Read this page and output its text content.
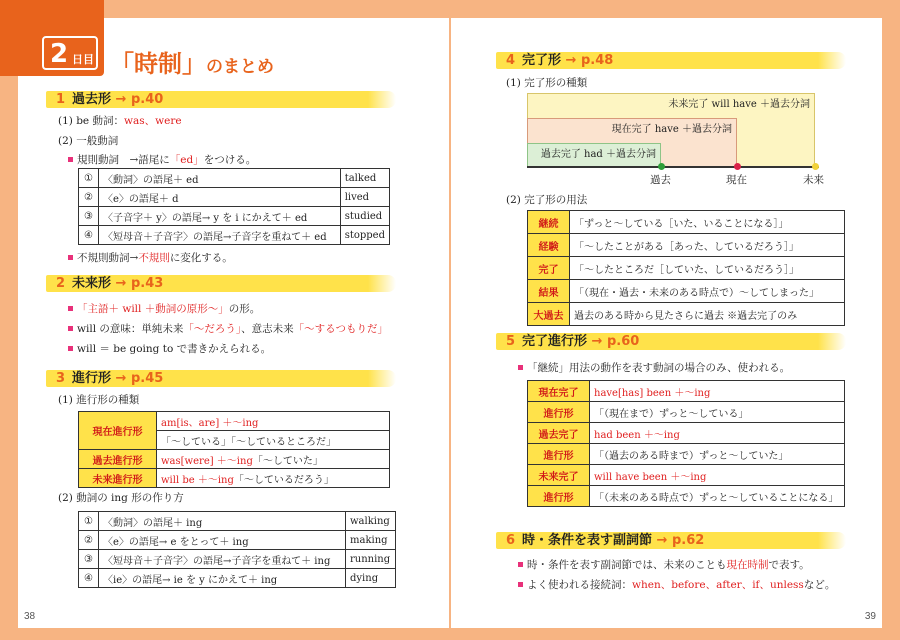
38	39
2 日目 「時制」のまとめ
1 過去形 → p.40
(1) be 動詞：was、were
(2) 一般動詞
規則動詞　→語尾に「ed」をつける。
①	〈動詞〉の語尾＋ ed	talked
②	〈e〉の語尾＋ d	lived
③	〈子音字＋ y〉の語尾→ y を i にかえて＋ ed	studied
④	〈短母音＋子音字〉の語尾→子音字を重ねて＋ ed	stopped
不規則動詞→不規則に変化する。
2 未来形 → p.43
「主語＋ will ＋動詞の原形〜」の形。
will の意味：単純未来「〜だろう」、意志未来「〜するつもりだ」
will ＝ be going to で書きかえられる。
3 進行形 → p.45
(1) 進行形の種類
現在進行形	am[is、are] ＋〜ing
	「〜している」「〜しているところだ」
過去進行形	was[were] ＋〜ing「〜していた」
未来進行形	will be ＋〜ing「〜しているだろう」
(2) 動詞の ing 形の作り方
①	〈動詞〉の語尾＋ ing	walking
②	〈e〉の語尾→ e をとって＋ ing	making
③	〈短母音＋子音字〉の語尾→子音字を重ねて＋ ing	running
④	〈ie〉の語尾→ ie を y にかえて＋ ing	dying
4 完了形 → p.48
(1) 完了形の種類
未来完了 will have ＋過去分詞
現在完了 have ＋過去分詞
過去完了 had ＋過去分詞
過去	現在	未来
(2) 完了形の用法
継続	「ずっと〜している［いた、いることになる］」
経験	「〜したことがある［あった、しているだろう］」
完了	「〜したところだ［していた、しているだろう］」
結果	「（現在・過去・未来のある時点で）〜してしまった」
大過去	過去のある時から見たさらに過去 ※過去完了のみ
5 完了進行形 → p.60
「継続」用法の動作を表す動詞の場合のみ、使われる。
現在完了	have[has] been ＋〜ing
進行形	「（現在まで）ずっと〜している」
過去完了	had been ＋〜ing
進行形	「（過去のある時まで）ずっと〜していた」
未来完了	will have been ＋〜ing
進行形	「（未来のある時点で）ずっと〜していることになる」
6 時・条件を表す副詞節 → p.62
時・条件を表す副詞節では、未来のことも現在時制で表す。
よく使われる接続詞：when、before、after、if、unlessなど。
